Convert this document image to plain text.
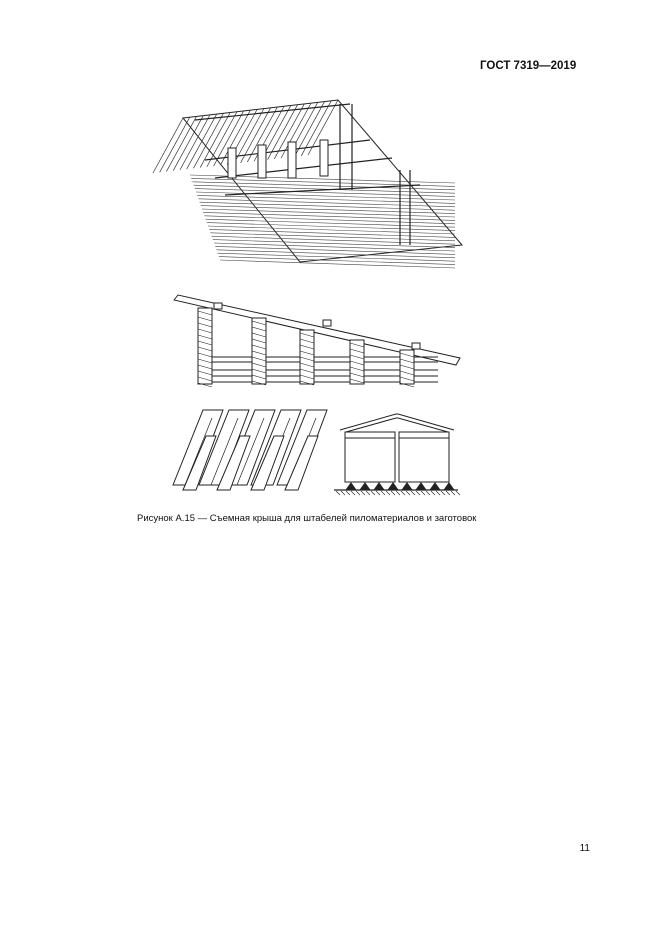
ГОСТ 7319—2019
Рисунок А.15 — Съемная крыша для штабелей пиломатериалов и заготовок
11
